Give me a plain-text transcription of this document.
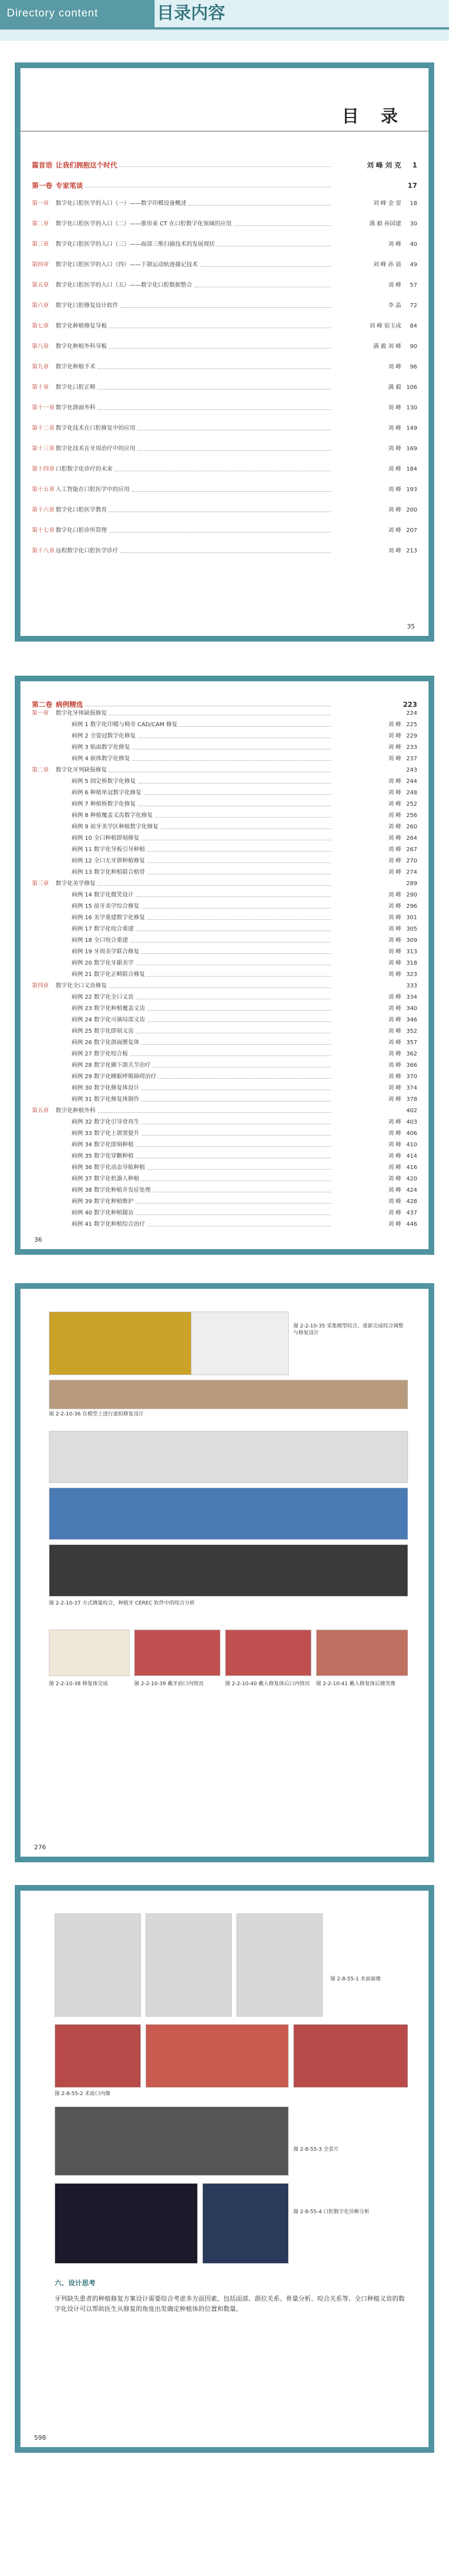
Directory content	目录内容
目 录
篇首语 让我们拥抱这个时代	刘 峰 刘 克	1
第一卷 专家笔谈	17
第一章	数字化口腔医学的入口（一）——数字印模设备概述	刘 峰 金 雷	18
第二章	数字化口腔医学的入口（二）——锥形束 CT 在口腔数字化领域的应用	满 毅 孙国建	30
第三章	数字化口腔医学的入口（三）——面部三维扫描技术的发展现状	刘 峰	40
第四章	数字化口腔医学的入口（四）——下颌运动轨迹描记技术	刘 峰 孙 晨	49
第五章	数字化口腔医学的入口（五）——数字化口腔数据整合	刘 峰	57
第六章	数字化口腔修复设计软件	李 晶	72
第七章	数字化种植修复导板	刘 峰 宿玉成	84
第八章	数字化种植外科导板	满 毅 刘 峰	90
第九章	数字化种植手术	刘 峰	96
第十章	数字化口腔正畸	满 毅 106
第十一章 数字化颌面外科	刘 峰 130
第十二章 数字化技术在口腔修复中的应用	刘 峰 149
第十三章 数字化技术在牙周治疗中的应用	刘 峰 169
第十四章 口腔数字化诊疗的未来	刘 峰 184
第十五章 人工智能在口腔医学中的应用	刘 峰 193
第十六章 数字化口腔医学教育	刘 峰 200
第十七章 数字化口腔诊所管理	刘 峰 207
第十八章 远程数字化口腔医学诊疗	刘 峰 213
35
第二卷 病例精选	223
第一章	数字化牙体缺损修复	224
病例 1 数字化印模与椅旁 CAD/CAM 修复	刘 峰 225
病例 2 全瓷冠数字化修复	刘 峰 229
病例 3 贴面数字化修复	刘 峰 233
病例 4 嵌体数字化修复	刘 峰 237
第二章	数字化牙列缺损修复	243
病例 5 固定桥数字化修复	刘 峰 244
病例 6 种植单冠数字化修复	刘 峰 248
病例 7 种植桥数字化修复	刘 峰 252
病例 8 种植覆盖义齿数字化修复	刘 峰 256
病例 9 前牙美学区种植数字化修复	刘 峰 260
病例 10 全口种植即刻修复	刘 峰 264
病例 11 数字化导板引导种植	刘 峰 267
病例 12 全口无牙颌种植修复	刘 峰 270
病例 13 数字化种植联合植骨	刘 峰 274
第三章	数字化美学修复	289
病例 14 数字化微笑设计	刘 峰 290
病例 15 前牙美学综合修复	刘 峰 296
病例 16 美学重建数字化修复	刘 峰 301
病例 17 数字化咬合重建	刘 峰 305
病例 18 全口咬合重建	刘 峰 309
病例 19 牙周美学联合修复	刘 峰 313
病例 20 数字化牙龈美学	刘 峰 318
病例 21 数字化正畸联合修复	刘 峰 323
第四章	数字化全口义齿修复	333
病例 22 数字化全口义齿	刘 峰 334
病例 23 数字化种植覆盖义齿	刘 峰 340
病例 24 数字化可摘局部义齿	刘 峰 346
病例 25 数字化即刻义齿	刘 峰 352
病例 26 数字化颌面赝复体	刘 峰 357
病例 27 数字化咬合板	刘 峰 362
病例 28 数字化颞下颌关节治疗	刘 峰 366
病例 29 数字化睡眠呼吸障碍治疗	刘 峰 370
病例 30 数字化修复体设计	刘 峰 374
病例 31 数字化修复体制作	刘 峰 378
第五章	数字化种植外科	402
病例 32 数字化引导骨再生	刘 峰 403
病例 33 数字化上颌窦提升	刘 峰 406
病例 34 数字化即刻种植	刘 峰 410
病例 35 数字化穿颧种植	刘 峰 414
病例 36 数字化动态导航种植	刘 峰 416
病例 37 数字化机器人种植	刘 峰 420
病例 38 数字化种植并发症处理	刘 峰 424
病例 39 数字化种植维护	刘 峰 428
病例 40 数字化种植随访	刘 峰 437
病例 41 数字化种植综合治疗	刘 峰 446
36
图 2-2-10-35 采集模型咬合，重新完成咬合调整与修复设计
图 2-2-10-36 在模型上进行虚拟修复设计
图 2-2-10-37 方式测量咬合，种植牙 CEREC 软件中的咬合分析
图 2-2-10-38 修复体完成	图 2-2-10-39 戴牙前口内情况	图 2-2-10-40 戴入修复体后口内情况 图 2-2-10-41 戴入修复体后微笑像
276
图 2-8-55-1 术前面像
图 2-8-55-2 术前口内像
图 2-8-55-3 全景片
图 2-8-55-4 口腔数字化诊断分析
六、设计思考
牙列缺失患者的种植修复方案设计需要综合考虑多方面因素，包括面部、颌位关系、骨量分析、咬合关系等。全口种植义齿的数字化设计可以帮助医生从修复的角度出发确定种植体的位置和数量。
598
